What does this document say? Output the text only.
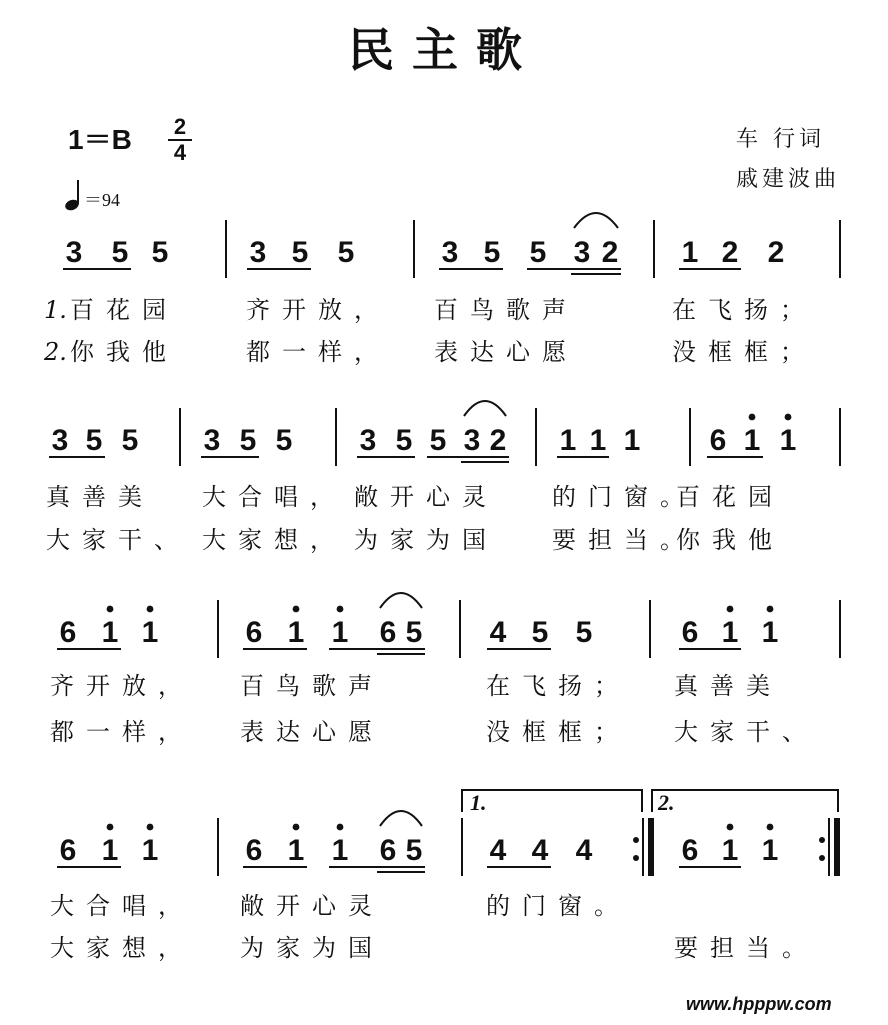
民主歌
1＝B 2
4
＝94
车 行词
戚建波曲
3 5 5	3 5 5	3 5 5 3 2 1 2 2
1. 百花园	齐开放， 百鸟歌声	在飞扬；
2. 你我他	都一样， 表达心愿	没框框；
3 5 5 3 5 5 3 5 5 3 2 1 1 1 6 1 1
真善美 大合唱， 敞开心灵 的门窗。
百花园
大家干、 大家想， 为家为国 要担当。
你我他
6 1 1	6 1 1 6 5 4 5 5	6 1 1
齐开放， 百鸟歌声	在飞扬； 真善美
都一样， 表达心愿	没框框； 大家干、
6 1 1	6 1 1 6 5 4 4 4	6 1 1
大合唱， 敞开心灵	的门窗。
大家想， 为家为国	要担当。
1.	2.
www.hpppw.com
